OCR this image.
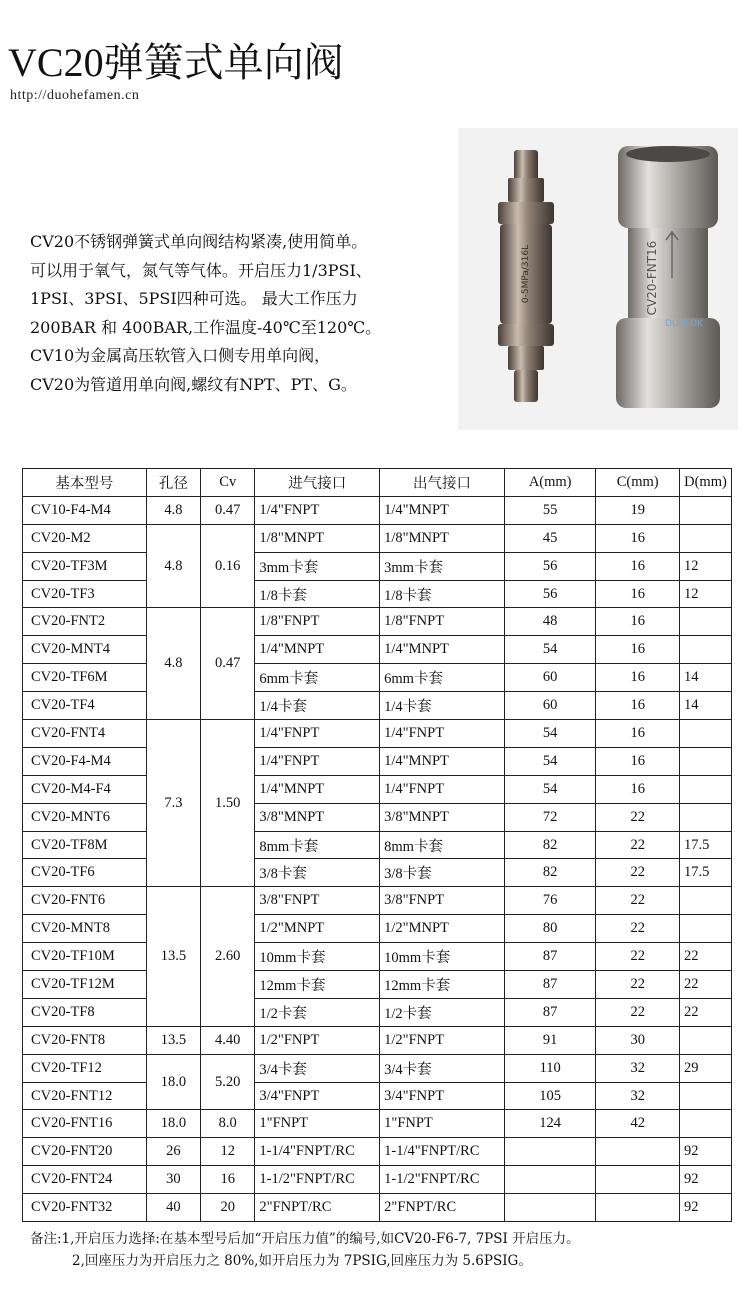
VC20弹簧式单向阀
http://duohefamen.cn
CV20不锈钢弹簧式单向阀结构紧凑,使用简单。
可以用于氧气，氮气等气体。开启压力1/3PSI、
1PSI、3PSI、5PSI四种可选。 最大工作压力
200BAR 和 400BAR,工作温度-40℃至120℃。
CV10为金属高压软管入口侧专用单向阀，
CV20为管道用单向阀,螺纹有NPT、PT、G。
0-5MPa/316L	CV20-FNT16
DUHLOK
基本型号	孔径	Cv	进气接口	出气接口	A(mm)	C(mm)	D(mm)
CV10-F4-M4	4.8	0.47	1/4"FNPT	1/4"MNPT	55	19	
CV20-M2	4.8	0.16	1/8"MNPT	1/8"MNPT	45	16	
CV20-TF3M			3mm卡套	3mm卡套	56	16	12
CV20-TF3			1/8卡套	1/8卡套	56	16	12
CV20-FNT2	4.8	0.47	1/8"FNPT	1/8"FNPT	48	16	
CV20-MNT4			1/4"MNPT	1/4"MNPT	54	16	
CV20-TF6M			6mm卡套	6mm卡套	60	16	14
CV20-TF4			1/4卡套	1/4卡套	60	16	14
CV20-FNT4	7.3	1.50	1/4"FNPT	1/4"FNPT	54	16	
CV20-F4-M4			1/4"FNPT	1/4"MNPT	54	16	
CV20-M4-F4			1/4"MNPT	1/4"FNPT	54	16	
CV20-MNT6			3/8"MNPT	3/8"MNPT	72	22	
CV20-TF8M			8mm卡套	8mm卡套	82	22	17.5
CV20-TF6			3/8卡套	3/8卡套	82	22	17.5
CV20-FNT6	13.5	2.60	3/8"FNPT	3/8"FNPT	76	22	
CV20-MNT8			1/2"MNPT	1/2"MNPT	80	22	
CV20-TF10M			10mm卡套	10mm卡套	87	22	22
CV20-TF12M			12mm卡套	12mm卡套	87	22	22
CV20-TF8			1/2卡套	1/2卡套	87	22	22
CV20-FNT8	13.5	4.40	1/2"FNPT	1/2"FNPT	91	30	
CV20-TF12	18.0	5.20	3/4卡套	3/4卡套	110	32	29
CV20-FNT12			3/4"FNPT	3/4"FNPT	105	32	
CV20-FNT16	18.0	8.0	1"FNPT	1"FNPT	124	42	
CV20-FNT20	26	12	1-1/4"FNPT/RC	1-1/4"FNPT/RC			92
CV20-FNT24	30	16	1-1/2"FNPT/RC	1-1/2"FNPT/RC			92
CV20-FNT32	40	20	2"FNPT/RC	2"FNPT/RC			92
备注:1,开启压力选择:在基本型号后加“开启压力值”的编号,如CV20-F6-7, 7PSI 开启压力。
2,回座压力为开启压力之 80%,如开启压力为 7PSIG,回座压力为 5.6PSIG。
